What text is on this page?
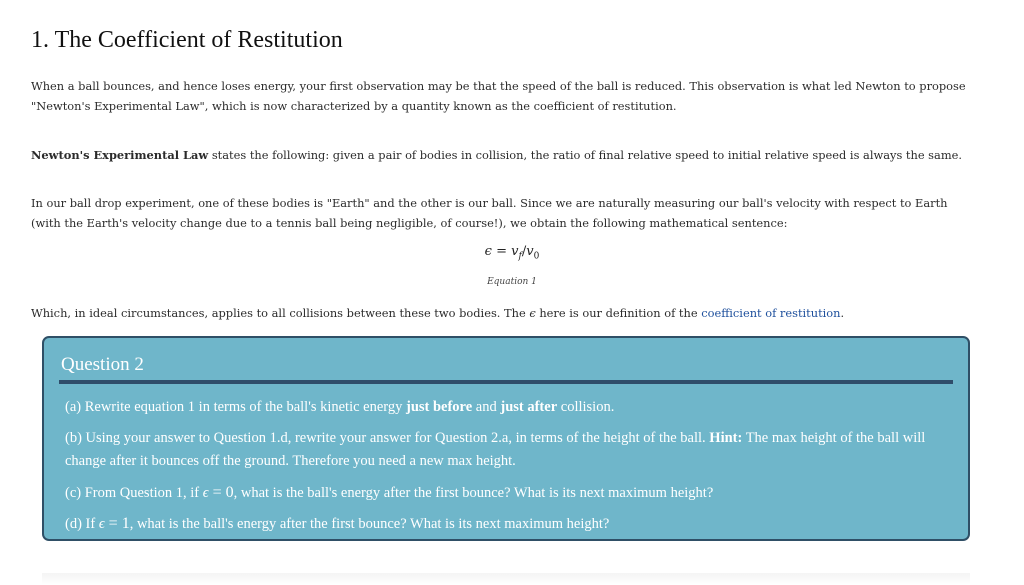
1. The Coefficient of Restitution

When a ball bounces, and hence loses energy, your first observation may be that the speed of the ball is reduced. This observation is what led Newton to propose "Newton's Experimental Law", which is now characterized by a quantity known as the coefficient of restitution.

Newton's Experimental Law states the following: given a pair of bodies in collision, the ratio of final relative speed to initial relative speed is always the same.

In our ball drop experiment, one of these bodies is "Earth" and the other is our ball. Since we are naturally measuring our ball's velocity with respect to Earth (with the Earth's velocity change due to a tennis ball being negligible, of course!), we obtain the following mathematical sentence:

$\epsilon = v_f/v_0$
Equation 1

Which, in ideal circumstances, applies to all collisions between these two bodies. The ϵ here is our definition of the coefficient of restitution.

Question 2

(a) Rewrite equation 1 in terms of the ball's kinetic energy just before and just after collision.

(b) Using your answer to Question 1.d, rewrite your answer for Question 2.a, in terms of the height of the ball. Hint: The max height of the ball will change after it bounces off the ground. Therefore you need a new max height.

(c) From Question 1, if ϵ = 0, what is the ball's energy after the first bounce? What is its next maximum height?

(d) If ϵ = 1, what is the ball's energy after the first bounce? What is its next maximum height?
